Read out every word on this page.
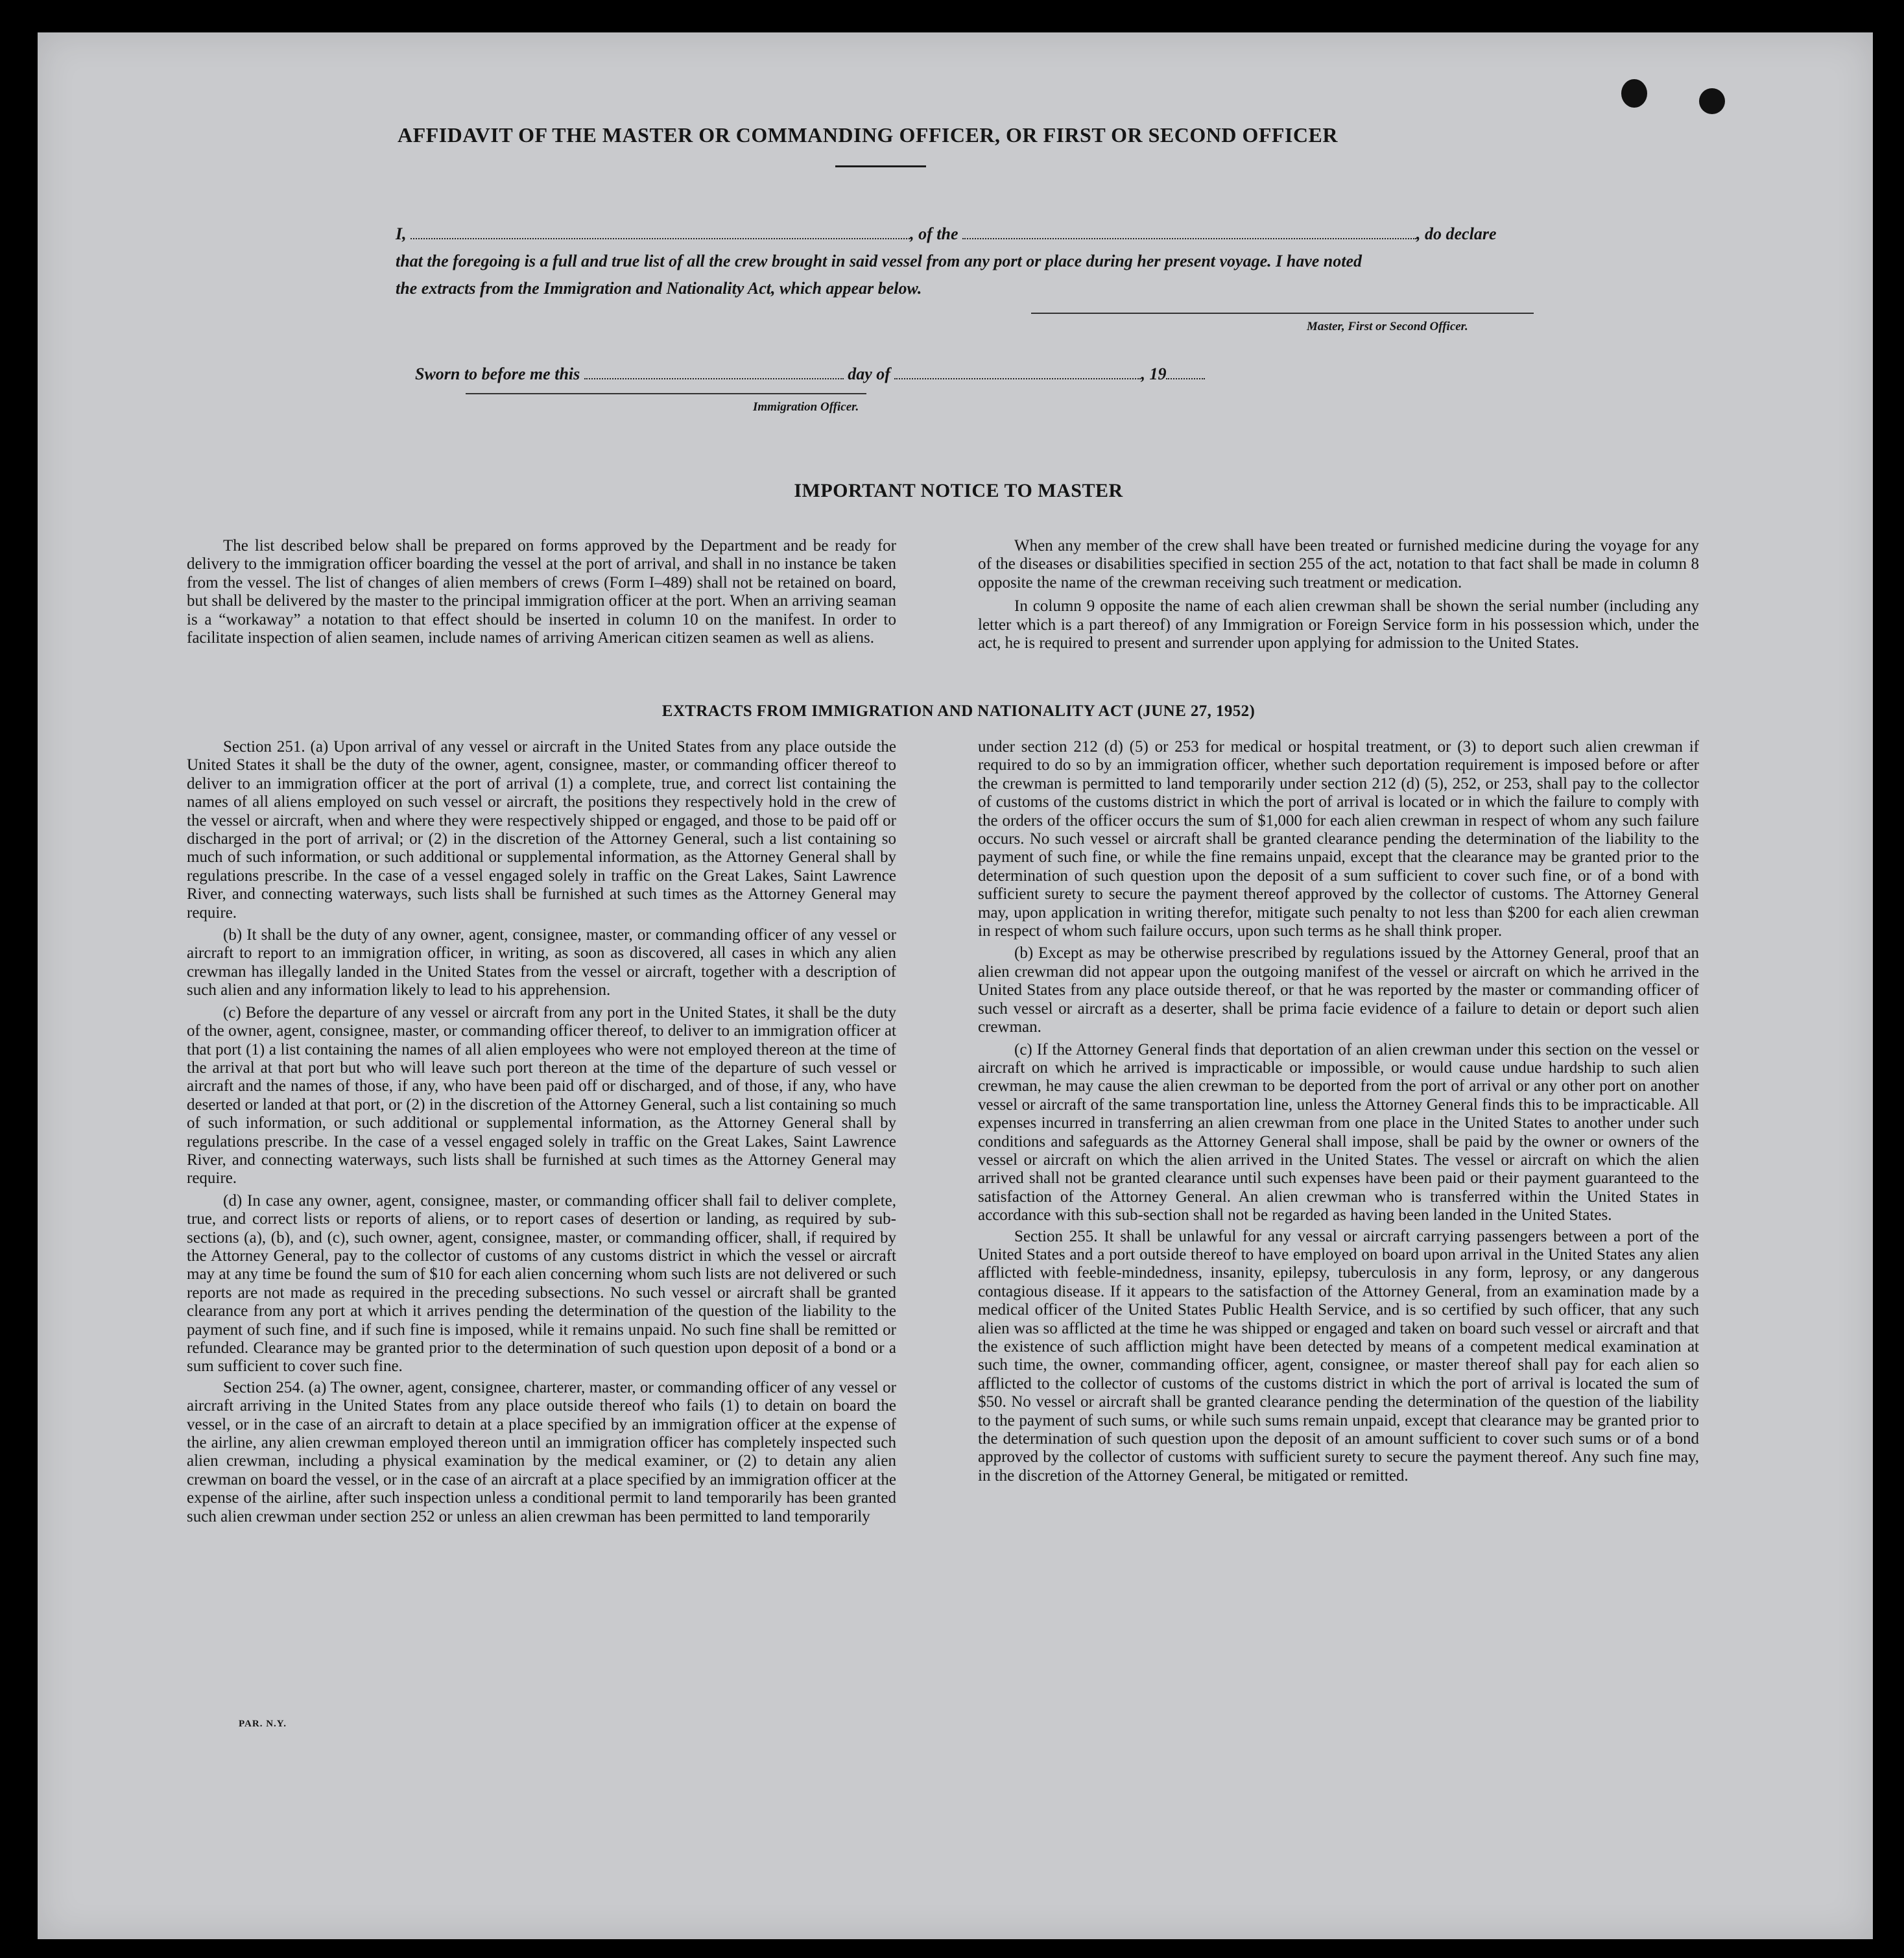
AFFIDAVIT OF THE MASTER OR COMMANDING OFFICER, OR FIRST OR SECOND OFFICER
I,	, of the	, do declare
that the foregoing is a full and true list of all the crew brought in said vessel from any port or place during her present voyage. I have noted
the extracts from the Immigration and Nationality Act, which appear below.
Master, First or Second Officer.
Sworn to before me this	day of	, 19
Immigration Officer.
IMPORTANT NOTICE TO MASTER

The list described below shall be prepared on forms approved by the Department and be ready for delivery to the immigration officer boarding the vessel at the port of arrival, and shall in no instance be taken from the vessel. The list of changes of alien members of crews (Form I–489) shall not be retained on board, but shall be delivered by the master to the principal immigration officer at the port. When an arriving seaman is a “workaway” a notation to that effect should be inserted in column 10 on the manifest. In order to facilitate inspection of alien seamen, include names of arriving American citizen seamen as well as aliens.

When any member of the crew shall have been treated or furnished medicine during the voyage for any of the diseases or disabilities specified in section 255 of the act, notation to that fact shall be made in column 8 opposite the name of the crewman receiving such treatment or medication.

In column 9 opposite the name of each alien crewman shall be shown the serial number (including any letter which is a part thereof) of any Immigration or Foreign Service form in his possession which, under the act, he is required to present and surrender upon applying for admission to the United States.

EXTRACTS FROM IMMIGRATION AND NATIONALITY ACT (JUNE 27, 1952)

Section 251. (a) Upon arrival of any vessel or aircraft in the United States from any place outside the United States it shall be the duty of the owner, agent, consignee, master, or commanding officer thereof to deliver to an immigration officer at the port of arrival (1) a complete, true, and correct list containing the names of all aliens employed on such vessel or aircraft, the positions they respectively hold in the crew of the vessel or aircraft, when and where they were respectively shipped or engaged, and those to be paid off or discharged in the port of arrival; or (2) in the discretion of the Attorney General, such a list containing so much of such information, or such additional or supplemental information, as the Attorney General shall by regulations prescribe. In the case of a vessel engaged solely in traffic on the Great Lakes, Saint Lawrence River, and connecting waterways, such lists shall be furnished at such times as the Attorney General may require.

(b) It shall be the duty of any owner, agent, consignee, master, or commanding officer of any vessel or aircraft to report to an immigration officer, in writing, as soon as discovered, all cases in which any alien crewman has illegally landed in the United States from the vessel or aircraft, together with a description of such alien and any information likely to lead to his apprehension.

(c) Before the departure of any vessel or aircraft from any port in the United States, it shall be the duty of the owner, agent, consignee, master, or commanding officer thereof, to deliver to an immigration officer at that port (1) a list containing the names of all alien employees who were not employed thereon at the time of the arrival at that port but who will leave such port thereon at the time of the departure of such vessel or aircraft and the names of those, if any, who have been paid off or discharged, and of those, if any, who have deserted or landed at that port, or (2) in the discretion of the Attorney General, such a list containing so much of such information, or such additional or supplemental information, as the Attorney General shall by regulations prescribe. In the case of a vessel engaged solely in traffic on the Great Lakes, Saint Lawrence River, and connecting waterways, such lists shall be furnished at such times as the Attorney General may require.

(d) In case any owner, agent, consignee, master, or commanding officer shall fail to deliver complete, true, and correct lists or reports of aliens, or to report cases of desertion or landing, as required by sub-sections (a), (b), and (c), such owner, agent, consignee, master, or commanding officer, shall, if required by the Attorney General, pay to the collector of customs of any customs district in which the vessel or aircraft may at any time be found the sum of $10 for each alien concerning whom such lists are not delivered or such reports are not made as required in the preceding subsections. No such vessel or aircraft shall be granted clearance from any port at which it arrives pending the determination of the question of the liability to the payment of such fine, and if such fine is imposed, while it remains unpaid. No such fine shall be remitted or refunded. Clearance may be granted prior to the determination of such question upon deposit of a bond or a sum sufficient to cover such fine.

Section 254. (a) The owner, agent, consignee, charterer, master, or commanding officer of any vessel or aircraft arriving in the United States from any place outside thereof who fails (1) to detain on board the vessel, or in the case of an aircraft to detain at a place specified by an immigration officer at the expense of the airline, any alien crewman employed thereon until an immigration officer has completely inspected such alien crewman, including a physical examination by the medical examiner, or (2) to detain any alien crewman on board the vessel, or in the case of an aircraft at a place specified by an immigration officer at the expense of the airline, after such inspection unless a conditional permit to land temporarily has been granted such alien crewman under section 252 or unless an alien crewman has been permitted to land temporarily

under section 212 (d) (5) or 253 for medical or hospital treatment, or (3) to deport such alien crewman if required to do so by an immigration officer, whether such deportation requirement is imposed before or after the crewman is permitted to land temporarily under section 212 (d) (5), 252, or 253, shall pay to the collector of customs of the customs district in which the port of arrival is located or in which the failure to comply with the orders of the officer occurs the sum of $1,000 for each alien crewman in respect of whom any such failure occurs. No such vessel or aircraft shall be granted clearance pending the determination of the liability to the payment of such fine, or while the fine remains unpaid, except that the clearance may be granted prior to the determination of such question upon the deposit of a sum sufficient to cover such fine, or of a bond with sufficient surety to secure the payment thereof approved by the collector of customs. The Attorney General may, upon application in writing therefor, mitigate such penalty to not less than $200 for each alien crewman in respect of whom such failure occurs, upon such terms as he shall think proper.

(b) Except as may be otherwise prescribed by regulations issued by the Attorney General, proof that an alien crewman did not appear upon the outgoing manifest of the vessel or aircraft on which he arrived in the United States from any place outside thereof, or that he was reported by the master or commanding officer of such vessel or aircraft as a deserter, shall be prima facie evidence of a failure to detain or deport such alien crewman.

(c) If the Attorney General finds that deportation of an alien crewman under this section on the vessel or aircraft on which he arrived is impracticable or impossible, or would cause undue hardship to such alien crewman, he may cause the alien crewman to be deported from the port of arrival or any other port on another vessel or aircraft of the same transportation line, unless the Attorney General finds this to be impracticable. All expenses incurred in transferring an alien crewman from one place in the United States to another under such conditions and safeguards as the Attorney General shall impose, shall be paid by the owner or owners of the vessel or aircraft on which the alien arrived in the United States. The vessel or aircraft on which the alien arrived shall not be granted clearance until such expenses have been paid or their payment guaranteed to the satisfaction of the Attorney General. An alien crewman who is transferred within the United States in accordance with this sub-section shall not be regarded as having been landed in the United States.

Section 255. It shall be unlawful for any vessal or aircraft carrying passengers between a port of the United States and a port outside thereof to have employed on board upon arrival in the United States any alien afflicted with feeble-mindedness, insanity, epilepsy, tuberculosis in any form, leprosy, or any dangerous contagious disease. If it appears to the satisfaction of the Attorney General, from an examination made by a medical officer of the United States Public Health Service, and is so certified by such officer, that any such alien was so afflicted at the time he was shipped or engaged and taken on board such vessel or aircraft and that the existence of such affliction might have been detected by means of a competent medical examination at such time, the owner, commanding officer, agent, consignee, or master thereof shall pay for each alien so afflicted to the collector of customs of the customs district in which the port of arrival is located the sum of $50. No vessel or aircraft shall be granted clearance pending the determination of the question of the liability to the payment of such sums, or while such sums remain unpaid, except that clearance may be granted prior to the determination of such question upon the deposit of an amount sufficient to cover such sums or of a bond approved by the collector of customs with sufficient surety to secure the payment thereof. Any such fine may, in the discretion of the Attorney General, be mitigated or remitted.

PAR. N.Y.
